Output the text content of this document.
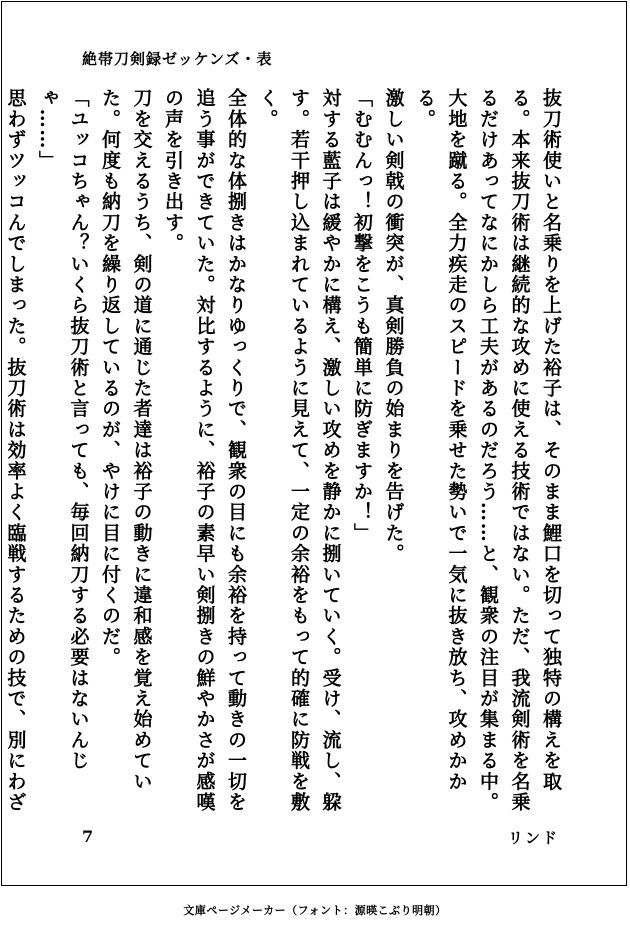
絶帯刀剣録ゼッケンズ・表

抜刀術使いと名乗りを上げた裕子は、そのまま鯉口を切って独特の構えを取る。本来抜刀術は継続的な攻めに使える技術ではない。ただ、我流剣術を名乗るだけあってなにかしら工夫があるのだろう……と、観衆の注目が集まる中。

大地を蹴る。全力疾走のスピードを乗せた勢いで一気に抜き放ち、攻めかかる。

激しい剣戟の衝突が、真剣勝負の始まりを告げた。

「むむんっ！初撃をこうも簡単に防ぎますか！」

対する藍子は緩やかに構え、激しい攻めを静かに捌いていく。受け、流し、躱す。若干押し込まれているように見えて、一定の余裕をもって的確に防戦を敷く。

全体的な体捌きはかなりゆっくりで、観衆の目にも余裕を持って動きの一切を追う事ができていた。対比するように、裕子の素早い剣捌きの鮮やかさが感嘆の声を引き出す。

刀を交えるうち、剣の道に通じた者達は裕子の動きに違和感を覚え始めていた。何度も納刀を繰り返しているのが、やけに目に付くのだ。

「ユッコちゃん？いくら抜刀術と言っても、毎回納刀する必要はないんじゃ……」

思わずツッコんでしまった。抜刀術は効率よく臨戦するための技で、別にわざ

7	リンド
文庫ページメーカー（フォント：源暎こぶり明朝）
